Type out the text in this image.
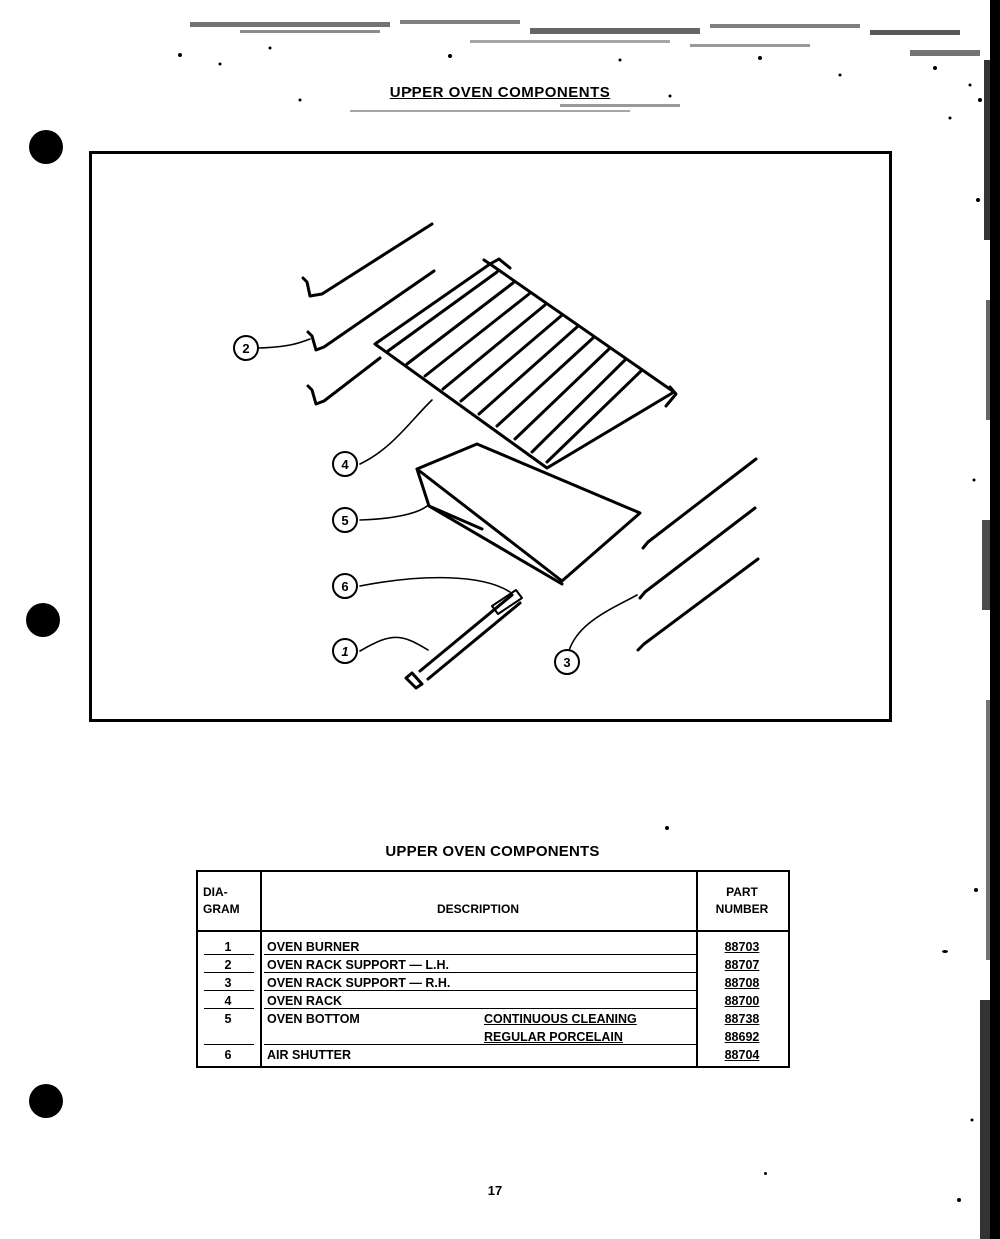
UPPER OVEN COMPONENTS
1
2
3
4
5
6
UPPER OVEN COMPONENTS
DIA-
GRAM	DESCRIPTION
PART
NUMBER
1	OVEN BURNER	88703
2	OVEN RACK SUPPORT — L.H.	88707
3	OVEN RACK SUPPORT — R.H.	88708
4	OVEN RACK	88700
5	OVEN BOTTOM	CONTINUOUS CLEANING	88738
REGULAR PORCELAIN	88692
6	AIR SHUTTER	88704
17
